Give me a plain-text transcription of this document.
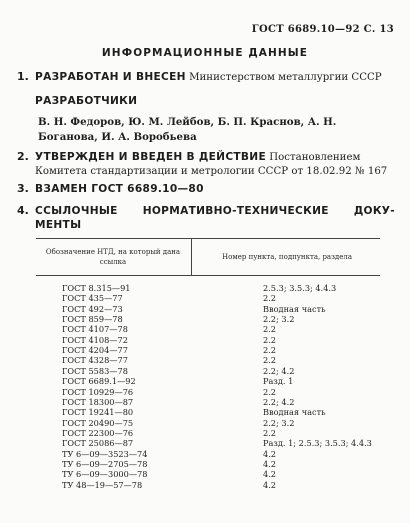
ГОСТ 6689.10—92 С. 13
ИНФОРМАЦИОННЫЕ ДАННЫЕ
1. РАЗРАБОТАН И ВНЕСЕН Министерством металлургии СССР
РАЗРАБОТЧИКИ
В. Н. Федоров, Ю. М. Лейбов, Б. П. Краснов, А. Н. Боганова, И. А. Воробьева
2. УТВЕРЖДЕН И ВВЕДЕН В ДЕЙСТВИЕ Постановлением Комитета стандартизации и метрологии СССР от 18.02.92 № 167
3. ВЗАМЕН ГОСТ 6689.10—80
4. ССЫЛОЧНЫЕ НОРМАТИВНО-ТЕХНИЧЕСКИЕ ДОКУ-
МЕНТЫ
Обозначение НТД, на который дана ссылка
Номер пункта, подпункта, раздела
ГОСТ 8.315—91	2.5.3; 3.5.3; 4.4.3
ГОСТ 435—77	2.2
ГОСТ 492—73	Вводная часть
ГОСТ 859—78	2.2; 3.2
ГОСТ 4107—78	2.2
ГОСТ 4108—72	2.2
ГОСТ 4204—77	2.2
ГОСТ 4328—77	2.2
ГОСТ 5583—78	2.2; 4.2
ГОСТ 6689.1—92	Разд. 1
ГОСТ 10929—76	2.2
ГОСТ 18300—87	2.2; 4.2
ГОСТ 19241—80	Вводная часть
ГОСТ 20490—75	2.2; 3.2
ГОСТ 22300—76	2.2
ГОСТ 25086—87	Разд. 1; 2.5.3; 3.5.3; 4.4.3
ТУ 6—09—3523—74	4.2
ТУ 6—09—2705—78	4.2
ТУ 6—09—3000—78	4.2
ТУ 48—19—57—78	4.2
